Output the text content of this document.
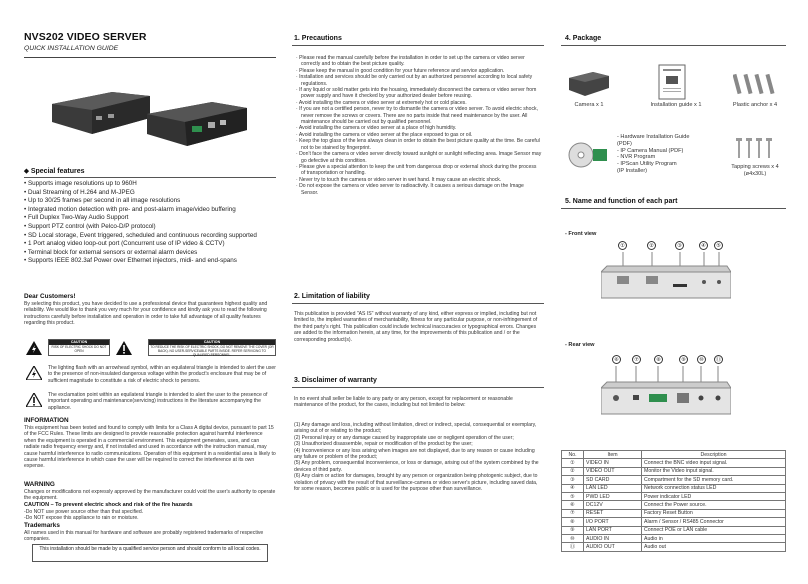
NVS202 VIDEO SERVER
QUICK INSTALLATION GUIDE
⬥ Special features
• Supports image resolutions up to 960H
• Dual Streaming of H.264 and M-JPEG
• Up to 30/25 frames per second in all image resolutions
• Integrated motion detection with pre- and post-alarm image/video buffering
• Full Duplex Two-Way Audio Support
• Support PTZ control (with Pelco-D/P protocol)
• SD Local storage, Event triggered, scheduled and continuous recording supported
• 1 Port analog video loop-out port (Concurrent use of IP video & CCTV)
• Terminal block for external sensors or external alarm devices
• Supports IEEE 802.3af Power over Ethernet injectors, midi- and end-spans
Dear Customers!
By selecting this product, you have decided to use a professional device that guarantees highest quality and reliability. We would like to thank you very much for your confidence and kindly ask you to read the following instructions carefully before installation and operation in order to take full advantage of all quality features regarding this product.
CAUTION
RISK OF ELECTRIC SHOCK DO NOT OPEN
CAUTION
TO REDUCE THE RISK OF ELECTRIC SHOCK, DO NOT REMOVE THE COVER (OR BACK). NO USER-SERVICEABLE PARTS INSIDE. REFER SERVICING TO QUALIFIED PERSONNEL.
The lighting flash with an arrowhead symbol, within an equilateral triangle is intended to alert the user to the presence of non-insulated dangerous voltage within the product's enclosure that may be of sufficient magnitude to constitute a risk of electric shock to persons.
The exclamation point within an equilateral triangle is intended to alert the user to the presence of important operating and maintenance(servicing) instructions in the literature accompanying the appliance.
INFORMATION
This equipment has been tested and found to comply with limits for a Class A digital device, pursuant to part 15 of the FCC Rules. These limits are designed to provide reasonable protection against harmful interference when the equipment is operated in a commercial environment. This equipment generates, uses, and can radiate radio frequency energy and, if not installed and used in accordance with the instruction manual, may cause harmful interference to radio communications. Operation of this equipment in a residential area is likely to cause harmful interference in which case the user will be required to correct the interference at its own expense.
WARNING
Changes or modifications not expressly approved by the manufacturer could void the user's authority to operate the equipment.
CAUTION – To prevent electric shock and risk of the fire hazards
-Do NOT use power source other than that specified.
-Do NOT expose this appliance to rain or moisture.
Trademarks
All names used in this manual for hardware and software are probably registered trademarks of respective companies.
This installation should be made by a qualified service person and should conform to all local codes.
1. Precautions
· Please read the manual carefully before the installation in order to set up the camera or video server correctly and to obtain the best picture quality.
· Please keep the manual in good condition for your future reference and service application.
· Installation and services should be only carried out by an authorized personnel according to local safety regulations.
· If any liquid or solid matter gets into the housing, immediately disconnect the camera or video server from power supply and have it checked by your authorized dealer before reusing.
· Avoid installing the camera or video server at extremely hot or cold places.
· If you are not a certified person, never try to dismantle the camera or video server. To avoid electric shock, never remove the screws or covers. There are no parts inside that need maintenance by the user. All maintenance should be carried out by qualified personnel.
· Avoid installing the camera or video server at a place of high humidity.
· Avoid installing the camera or video server at the place exposed to gas or oil.
· Keep the top glass of the lens always clean in order to obtain the best picture quality at the time. Be careful not to be stained by fingerprint.
· Don't face the camera or video server directly toward sunlight or sunlight reflecting area. Image Sensor may go defective at this condition.
· Please give a special attention to keep the unit from dangerous drop or external shock during the process of transportation or handling.
· Never try to touch the camera or video server in wet hand. It may cause an electric shock.
· Do not expose the camera or video server to radioactivity. It causes a serious damage on the Image Sensor.
2. Limitation of liability
This publication is provided "AS IS" without warranty of any kind, either express or implied, including but not limited to, the implied warranties of merchantability, fitness for any particular purpose, or non-infringement of the third party's right. This publication could include technical inaccuracies or typographical errors. Changes are added to the information herein, at any time, for the improvements of this publication and / or the corresponding product(s).
3. Disclaimer of warranty
In no event shall seller be liable to any party or any person, except for replacement or reasonable maintenance of the product, for the cases, including but not limited to below:
(1) Any damage and loss, including without limitation, direct or indirect, special, consequential or exemplary, arising out of or relating to the product;
(2) Personal injury or any damage caused by inappropriate use or negligent operation of the user;
(3) Unauthorized disassemble, repair or modification of the product by the user;
(4) Inconvenience or any loss arising when images are not displayed, due to any reason or cause including any failure or problem of the product;
(5) Any problem, consequential inconvenience, or loss or damage, arising out of the system combined by the devices of third party.
(6) Any claim or action for damages, brought by any person or organization being photogenic subject, due to violation of privacy with the result of that surveillance-camera or video server's picture, including saved data, for some reason, becomes public or is used for the purpose other than surveillance.
4. Package
Camera x 1	Installation guide x 1	Plastic anchor x 4
- Hardware Installation Guide
(PDF)
- IP Camera Manual (PDF)
- NVR Program
- IPScan Utility Program
(IP Installer)
Tapping screws x 4
(ø4x30L)
5. Name and function of each part
- Front view
①	②	③	④	⑤
- Rear view
⑥	⑦	⑧	⑨	⑩	⑪
No.	Item	Description
①	VIDEO IN	Connect the BNC video input signal.
②	VIDEO OUT	Monitor the Video input signal.
③	SD CARD	Compartment for the SD memory card.
④	LAN LED	Network connection status LED
⑤	PWD LED	Power indicator LED
⑥	DC12V	Connect the Power source.
⑦	RESET	Factory Reset Button
⑧	I/O PORT	Alarm / Sensor / RS485 Connector
⑨	LAN PORT	Connect POE or LAN cable
⑩	AUDIO IN	Audio in
⑪	AUDIO OUT	Audio out
